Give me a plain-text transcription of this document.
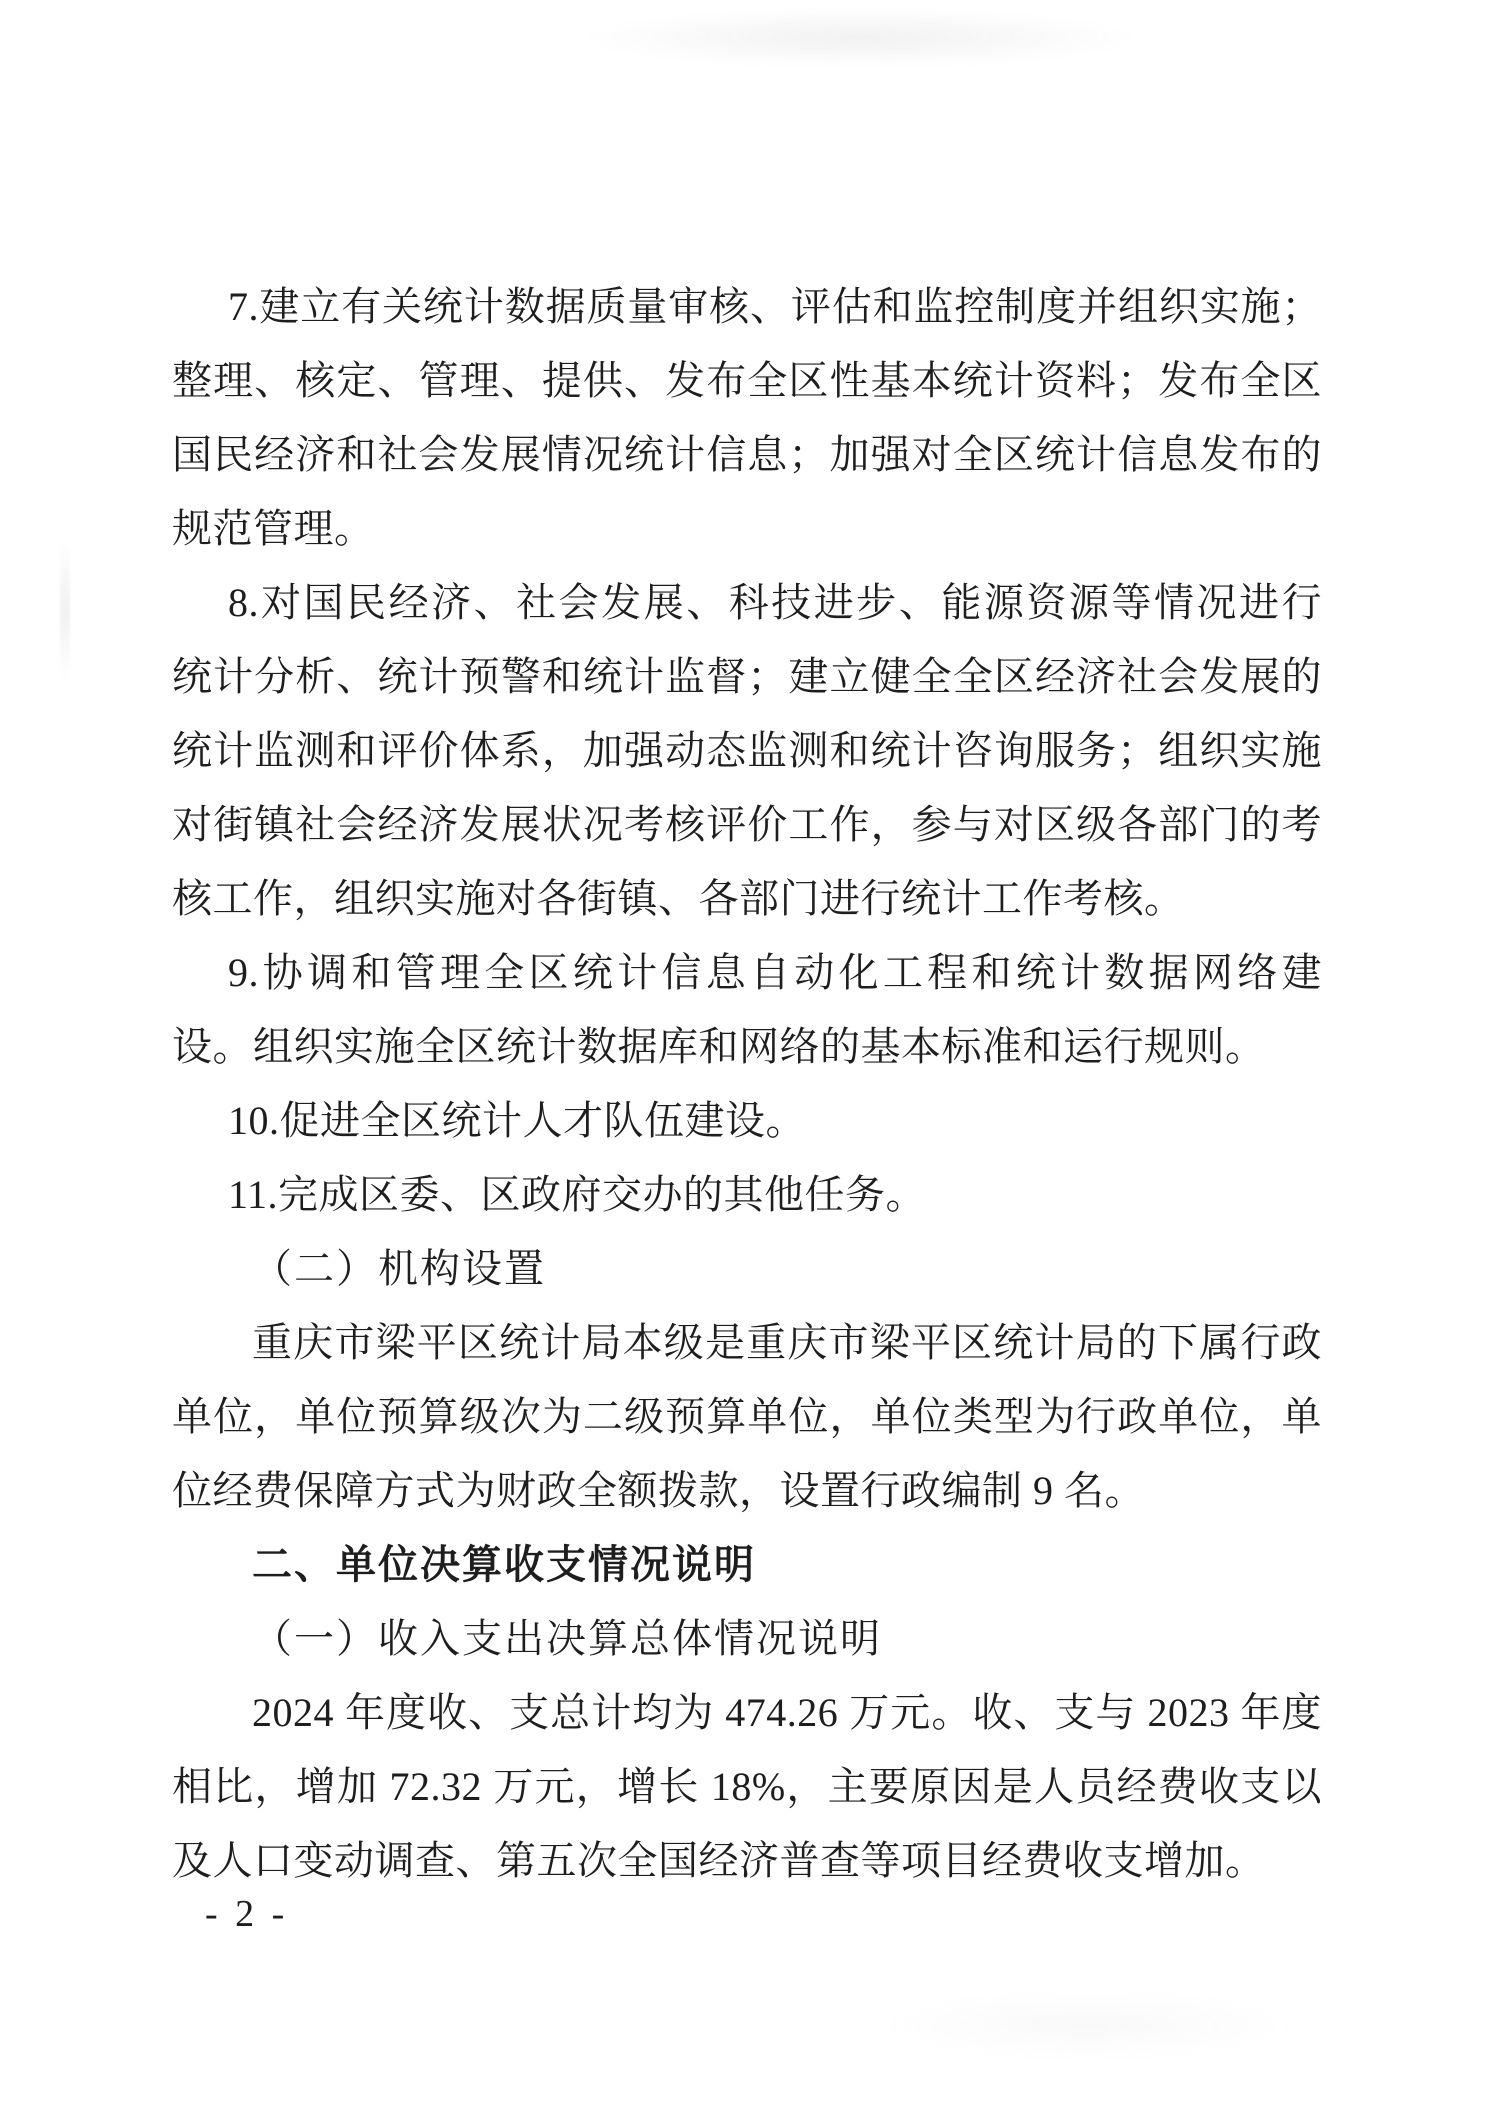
7.建立有关统计数据质量审核、评估和监控制度并组织实施；

整理、核定、管理、提供、发布全区性基本统计资料；发布全区

国民经济和社会发展情况统计信息；加强对全区统计信息发布的

规范管理。

8.对国民经济、社会发展、科技进步、能源资源等情况进行

统计分析、统计预警和统计监督；建立健全全区经济社会发展的

统计监测和评价体系，加强动态监测和统计咨询服务；组织实施

对街镇社会经济发展状况考核评价工作，参与对区级各部门的考

核工作，组织实施对各街镇、各部门进行统计工作考核。

9.协调和管理全区统计信息自动化工程和统计数据网络建

设。组织实施全区统计数据库和网络的基本标准和运行规则。

10.促进全区统计人才队伍建设。

11.完成区委、区政府交办的其他任务。

（二）机构设置

重庆市梁平区统计局本级是重庆市梁平区统计局的下属行政

单位，单位预算级次为二级预算单位，单位类型为行政单位，单

位经费保障方式为财政全额拨款，设置行政编制 9 名。

二、单位决算收支情况说明

（一）收入支出决算总体情况说明

2024 年度收、支总计均为 474.26 万元。收、支与 2023 年度

相比，增加 72.32 万元，增长 18%，主要原因是人员经费收支以

及人口变动调查、第五次全国经济普查等项目经费收支增加。

- 2 -
